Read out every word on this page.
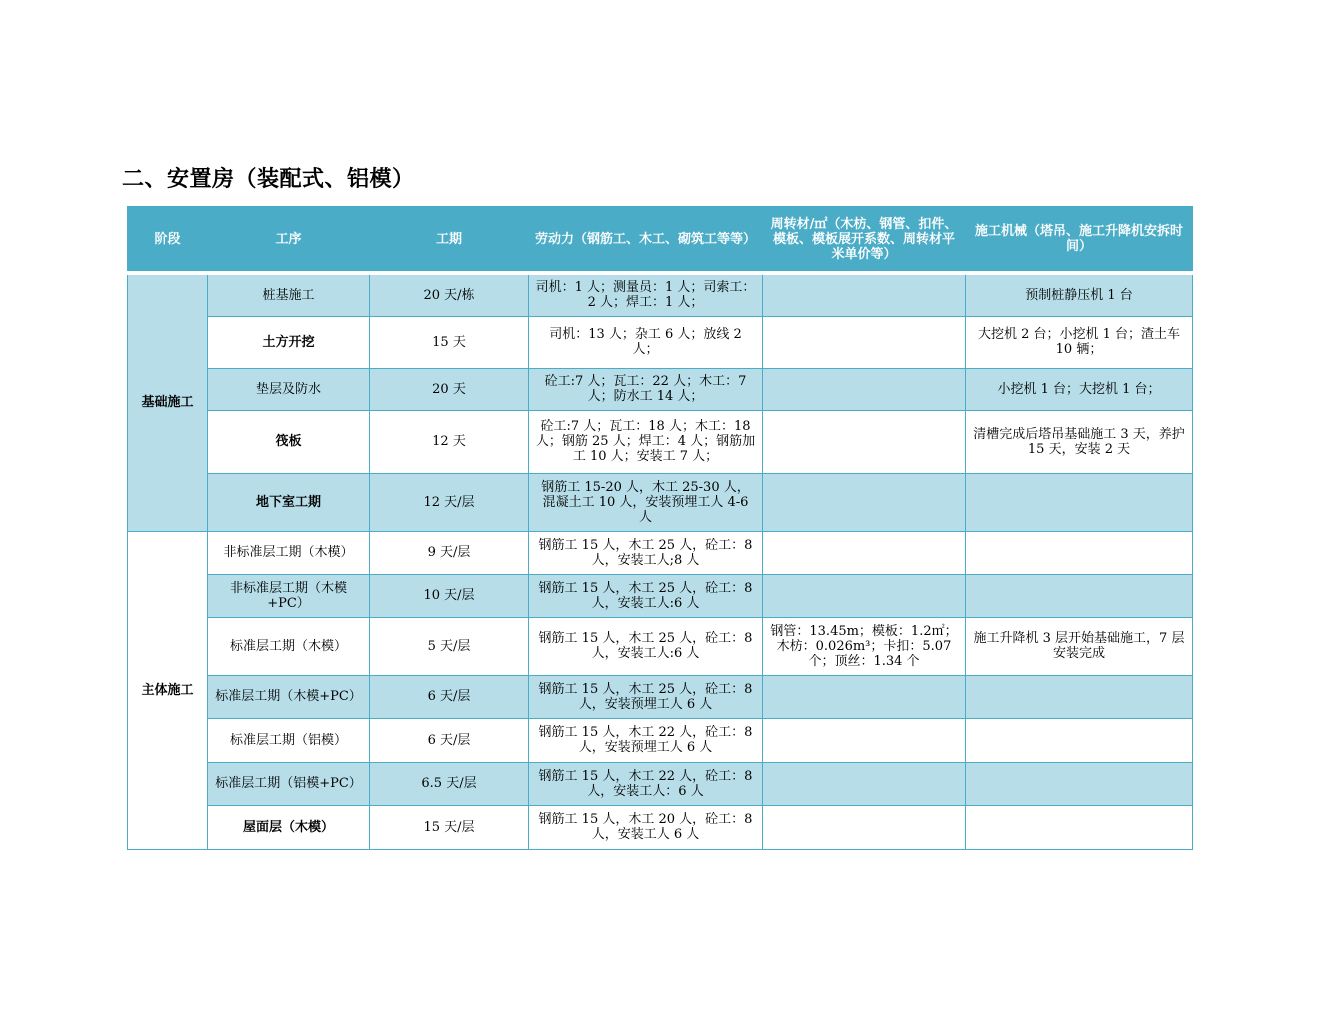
二、安置房（装配式、铝模）
阶段	工序	工期	劳动力（钢筋工、木工、砌筑工等等）	周转材/㎡（木枋、钢管、扣件、模板、模板展开系数、周转材平米单价等）	施工机械（塔吊、施工升降机安拆时间）
基础施工	桩基施工	20 天/栋	司机：1 人；测量员：1 人；司索工：2 人；焊工：1 人；		预制桩静压机 1 台
	土方开挖	15 天	司机：13 人；杂工 6 人；放线 2 人；		大挖机 2 台；小挖机 1 台；渣土车 10 辆；
	垫层及防水	20 天	砼工:7 人；瓦工：22 人；木工：7 人；防水工 14 人；		小挖机 1 台；大挖机 1 台；
	筏板	12 天	砼工:7 人；瓦工：18 人；木工：18 人；钢筋 25 人；焊工：4 人；钢筋加工 10 人；安装工 7 人；		清槽完成后塔吊基础施工 3 天，养护 15 天，安装 2 天
	地下室工期	12 天/层	钢筋工 15-20 人，木工 25-30 人，混凝土工 10 人，安装预埋工人 4-6 人		
主体施工	非标准层工期（木模）	9 天/层	钢筋工 15 人，木工 25 人，砼工：8 人，安装工人;8 人		
	非标准层工期（木模+PC）	10 天/层	钢筋工 15 人，木工 25 人，砼工：8 人，安装工人:6 人		
	标准层工期（木模）	5 天/层	钢筋工 15 人，木工 25 人，砼工：8 人，安装工人:6 人	钢管：13.45m；模板：1.2㎡；木枋：0.026m³；卡扣：5.07 个；顶丝：1.34 个	施工升降机 3 层开始基础施工，7 层安装完成
	标准层工期（木模+PC）	6 天/层	钢筋工 15 人，木工 25 人，砼工：8 人，安装预埋工人 6 人		
	标准层工期（铝模）	6 天/层	钢筋工 15 人，木工 22 人，砼工：8 人，安装预埋工人 6 人		
	标准层工期（铝模+PC）	6.5 天/层	钢筋工 15 人，木工 22 人，砼工：8 人，安装工人：6 人		
	屋面层（木模）	15 天/层	钢筋工 15 人，木工 20 人，砼工：8 人，安装工人 6 人		
